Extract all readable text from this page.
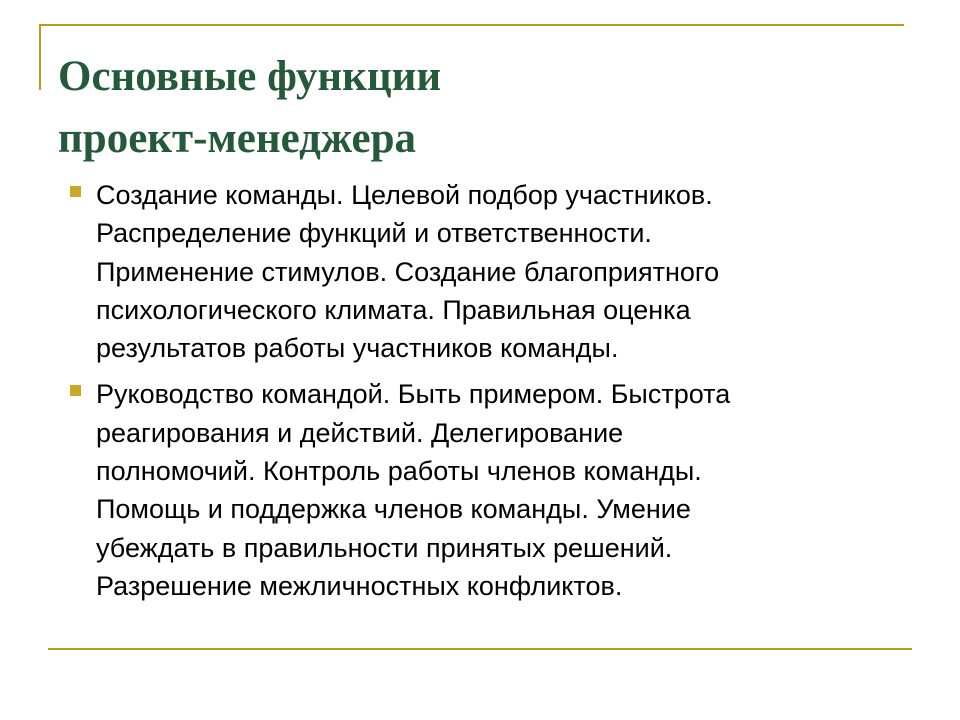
Основные функции
проект-менеджера
Создание команды. Целевой подбор участников.
Распределение функций и ответственности.
Применение стимулов. Создание благоприятного
психологического климата. Правильная оценка
результатов работы участников команды.
Руководство командой. Быть примером. Быстрота
реагирования и действий. Делегирование
полномочий. Контроль работы членов команды.
Помощь и поддержка членов команды. Умение
убеждать в правильности принятых решений.
Разрешение межличностных конфликтов.
